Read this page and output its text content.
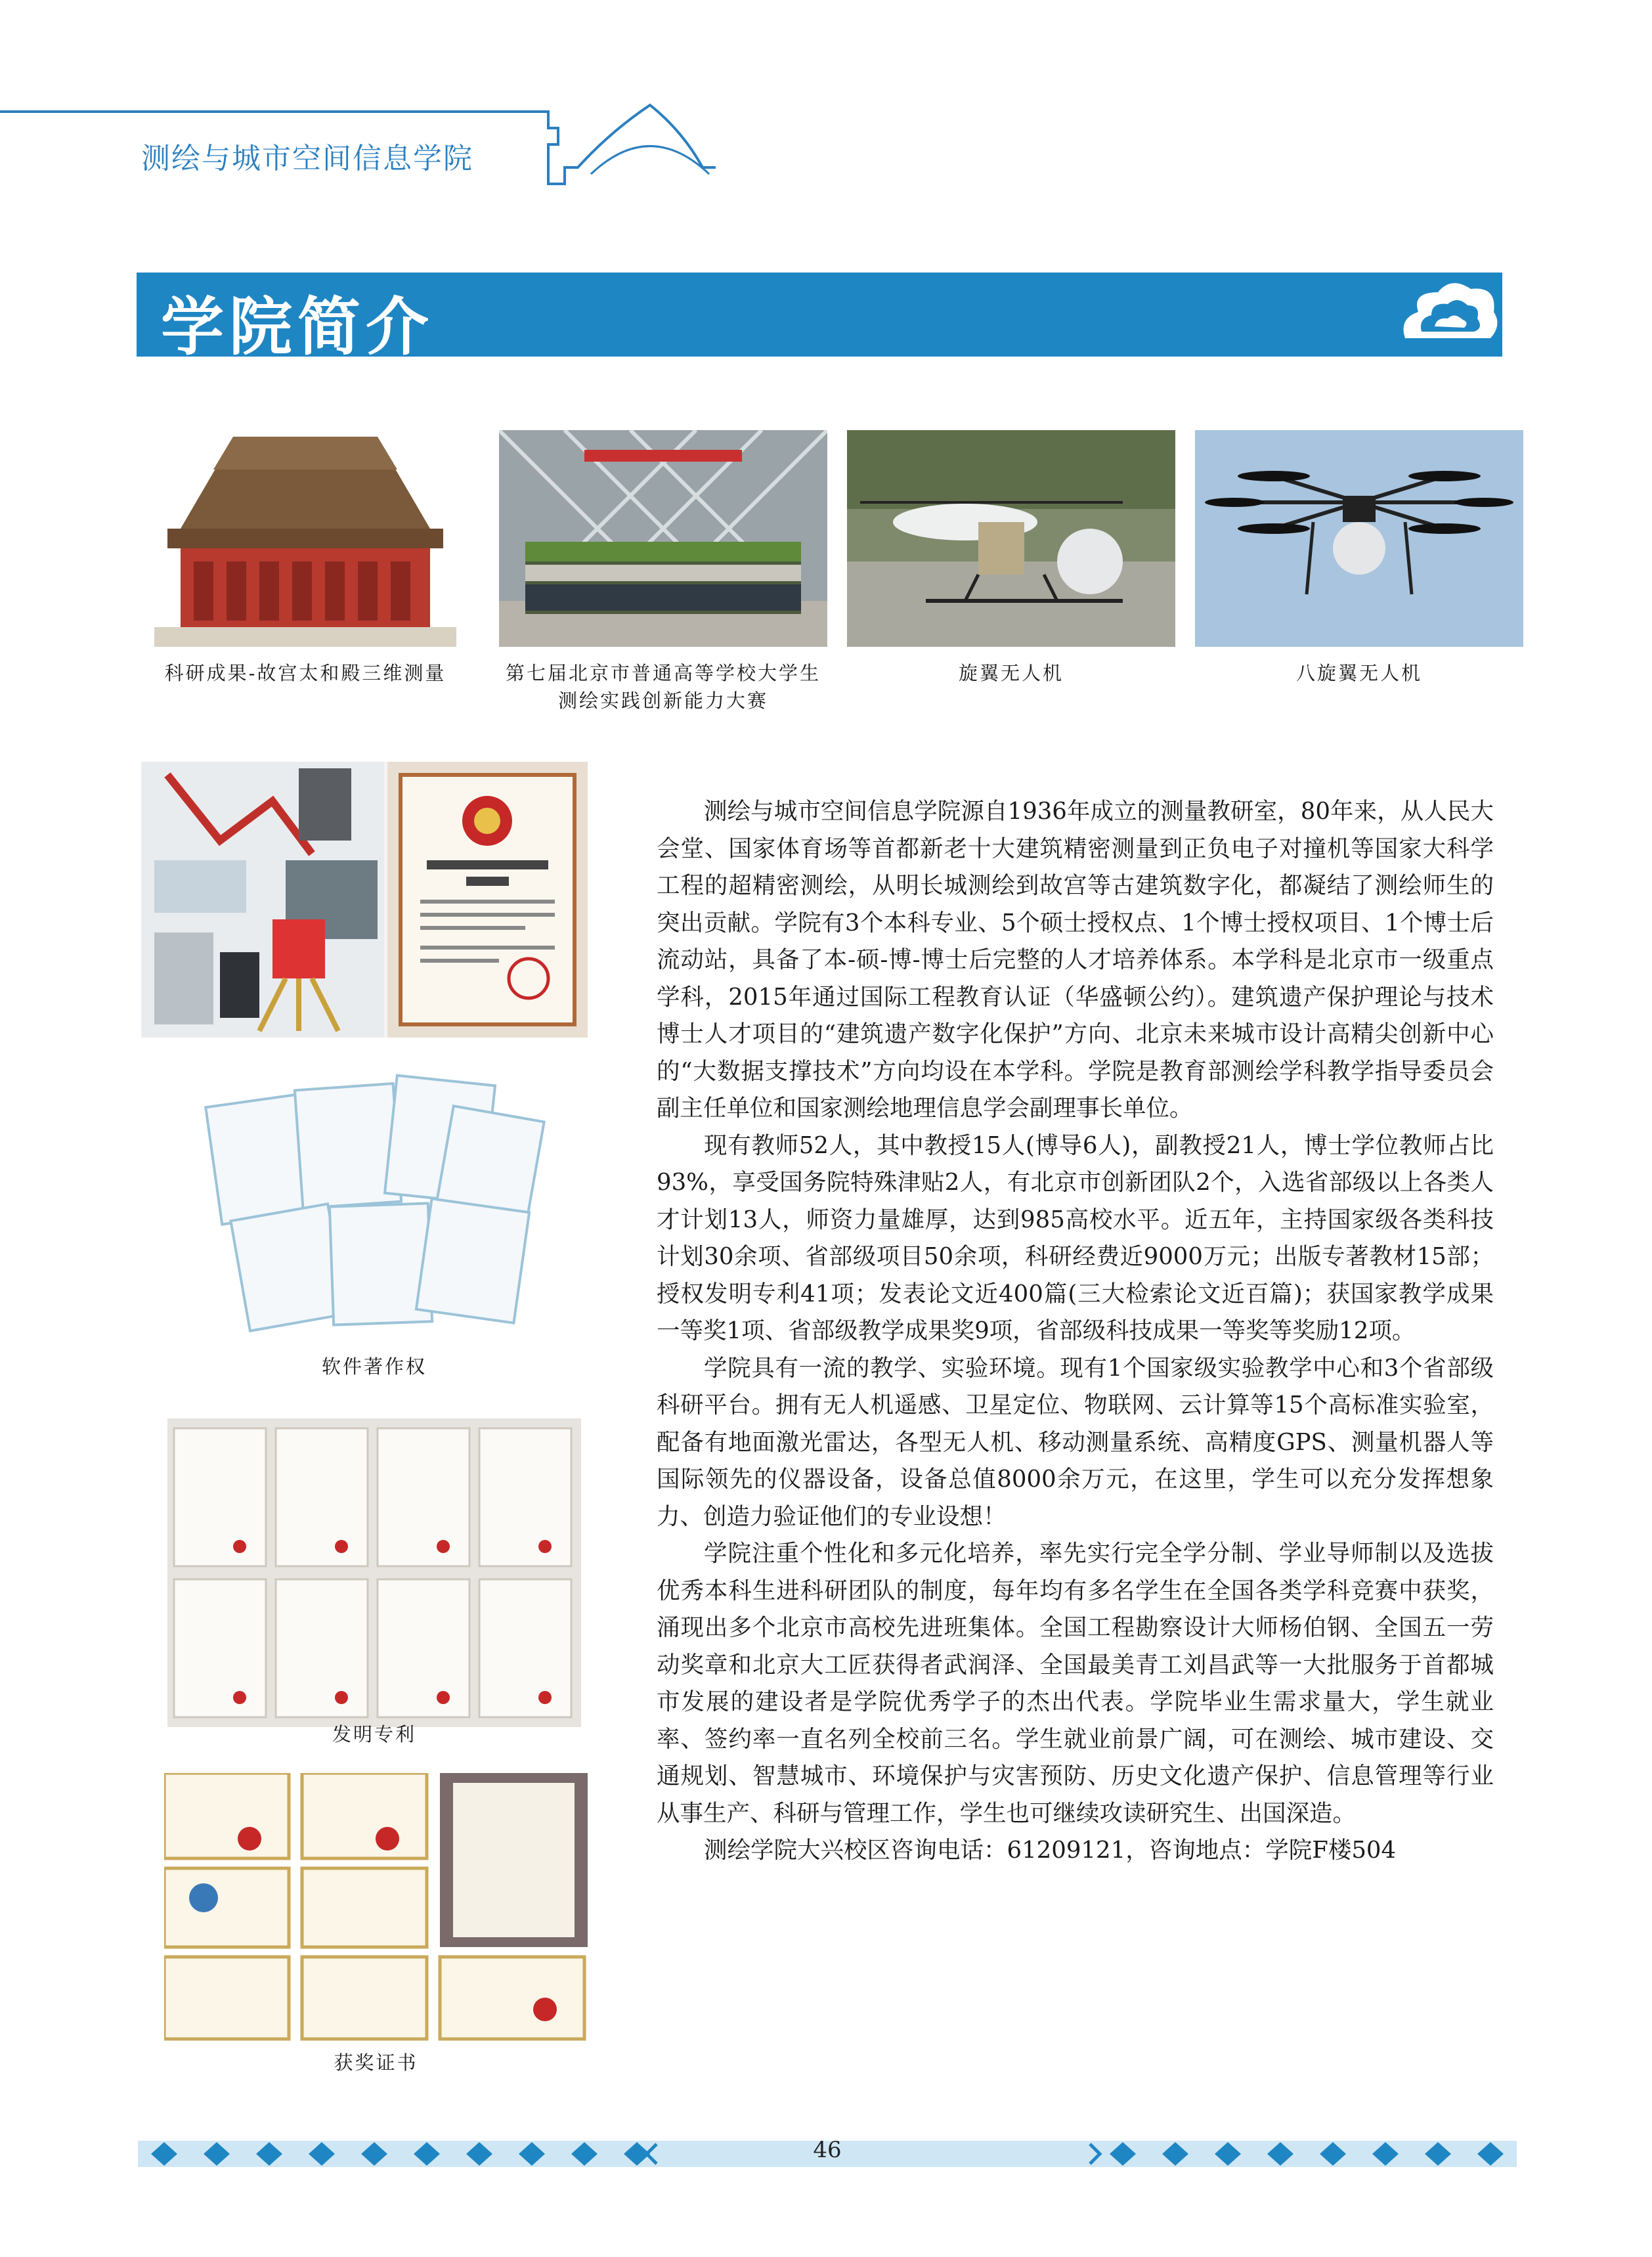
测绘与城市空间信息学院
学院简介
科研成果-故宫太和殿三维测量	第七届北京市普通高等学校大学生
测绘实践创新能力大赛
旋翼无人机	八旋翼无人机
软件著作权
发明专利
获奖证书

测绘与城市空间信息学院源自1936年成立的测量教研室，80年来，从人民大会堂、国家体育场等首都新老十大建筑精密测量到正负电子对撞机等国家大科学工程的超精密测绘，从明长城测绘到故宫等古建筑数字化，都凝结了测绘师生的突出贡献。学院有3个本科专业、5个硕士授权点、1个博士授权项目、1个博士后流动站，具备了本-硕-博-博士后完整的人才培养体系。本学科是北京市一级重点学科，2015年通过国际工程教育认证（华盛顿公约）。建筑遗产保护理论与技术博士人才项目的“建筑遗产数字化保护”方向、北京未来城市设计高精尖创新中心的“大数据支撑技术”方向均设在本学科。学院是教育部测绘学科教学指导委员会副主任单位和国家测绘地理信息学会副理事长单位。

现有教师52人，其中教授15人(博导6人)，副教授21人，博士学位教师占比93%，享受国务院特殊津贴2人，有北京市创新团队2个，入选省部级以上各类人才计划13人，师资力量雄厚，达到985高校水平。近五年，主持国家级各类科技计划30余项、省部级项目50余项，科研经费近9000万元；出版专著教材15部；授权发明专利41项；发表论文近400篇(三大检索论文近百篇)；获国家教学成果一等奖1项、省部级教学成果奖9项，省部级科技成果一等奖等奖励12项。

学院具有一流的教学、实验环境。现有1个国家级实验教学中心和3个省部级科研平台。拥有无人机遥感、卫星定位、物联网、云计算等15个高标准实验室，配备有地面激光雷达，各型无人机、移动测量系统、高精度GPS、测量机器人等国际领先的仪器设备，设备总值8000余万元，在这里，学生可以充分发挥想象力、创造力验证他们的专业设想！

学院注重个性化和多元化培养，率先实行完全学分制、学业导师制以及选拔优秀本科生进科研团队的制度，每年均有多名学生在全国各类学科竞赛中获奖，涌现出多个北京市高校先进班集体。全国工程勘察设计大师杨伯钢、全国五一劳动奖章和北京大工匠获得者武润泽、全国最美青工刘昌武等一大批服务于首都城市发展的建设者是学院优秀学子的杰出代表。学院毕业生需求量大，学生就业率、签约率一直名列全校前三名。学生就业前景广阔，可在测绘、城市建设、交通规划、智慧城市、环境保护与灾害预防、历史文化遗产保护、信息管理等行业从事生产、科研与管理工作，学生也可继续攻读研究生、出国深造。

测绘学院大兴校区咨询电话：61209121，咨询地点：学院F楼504

46
